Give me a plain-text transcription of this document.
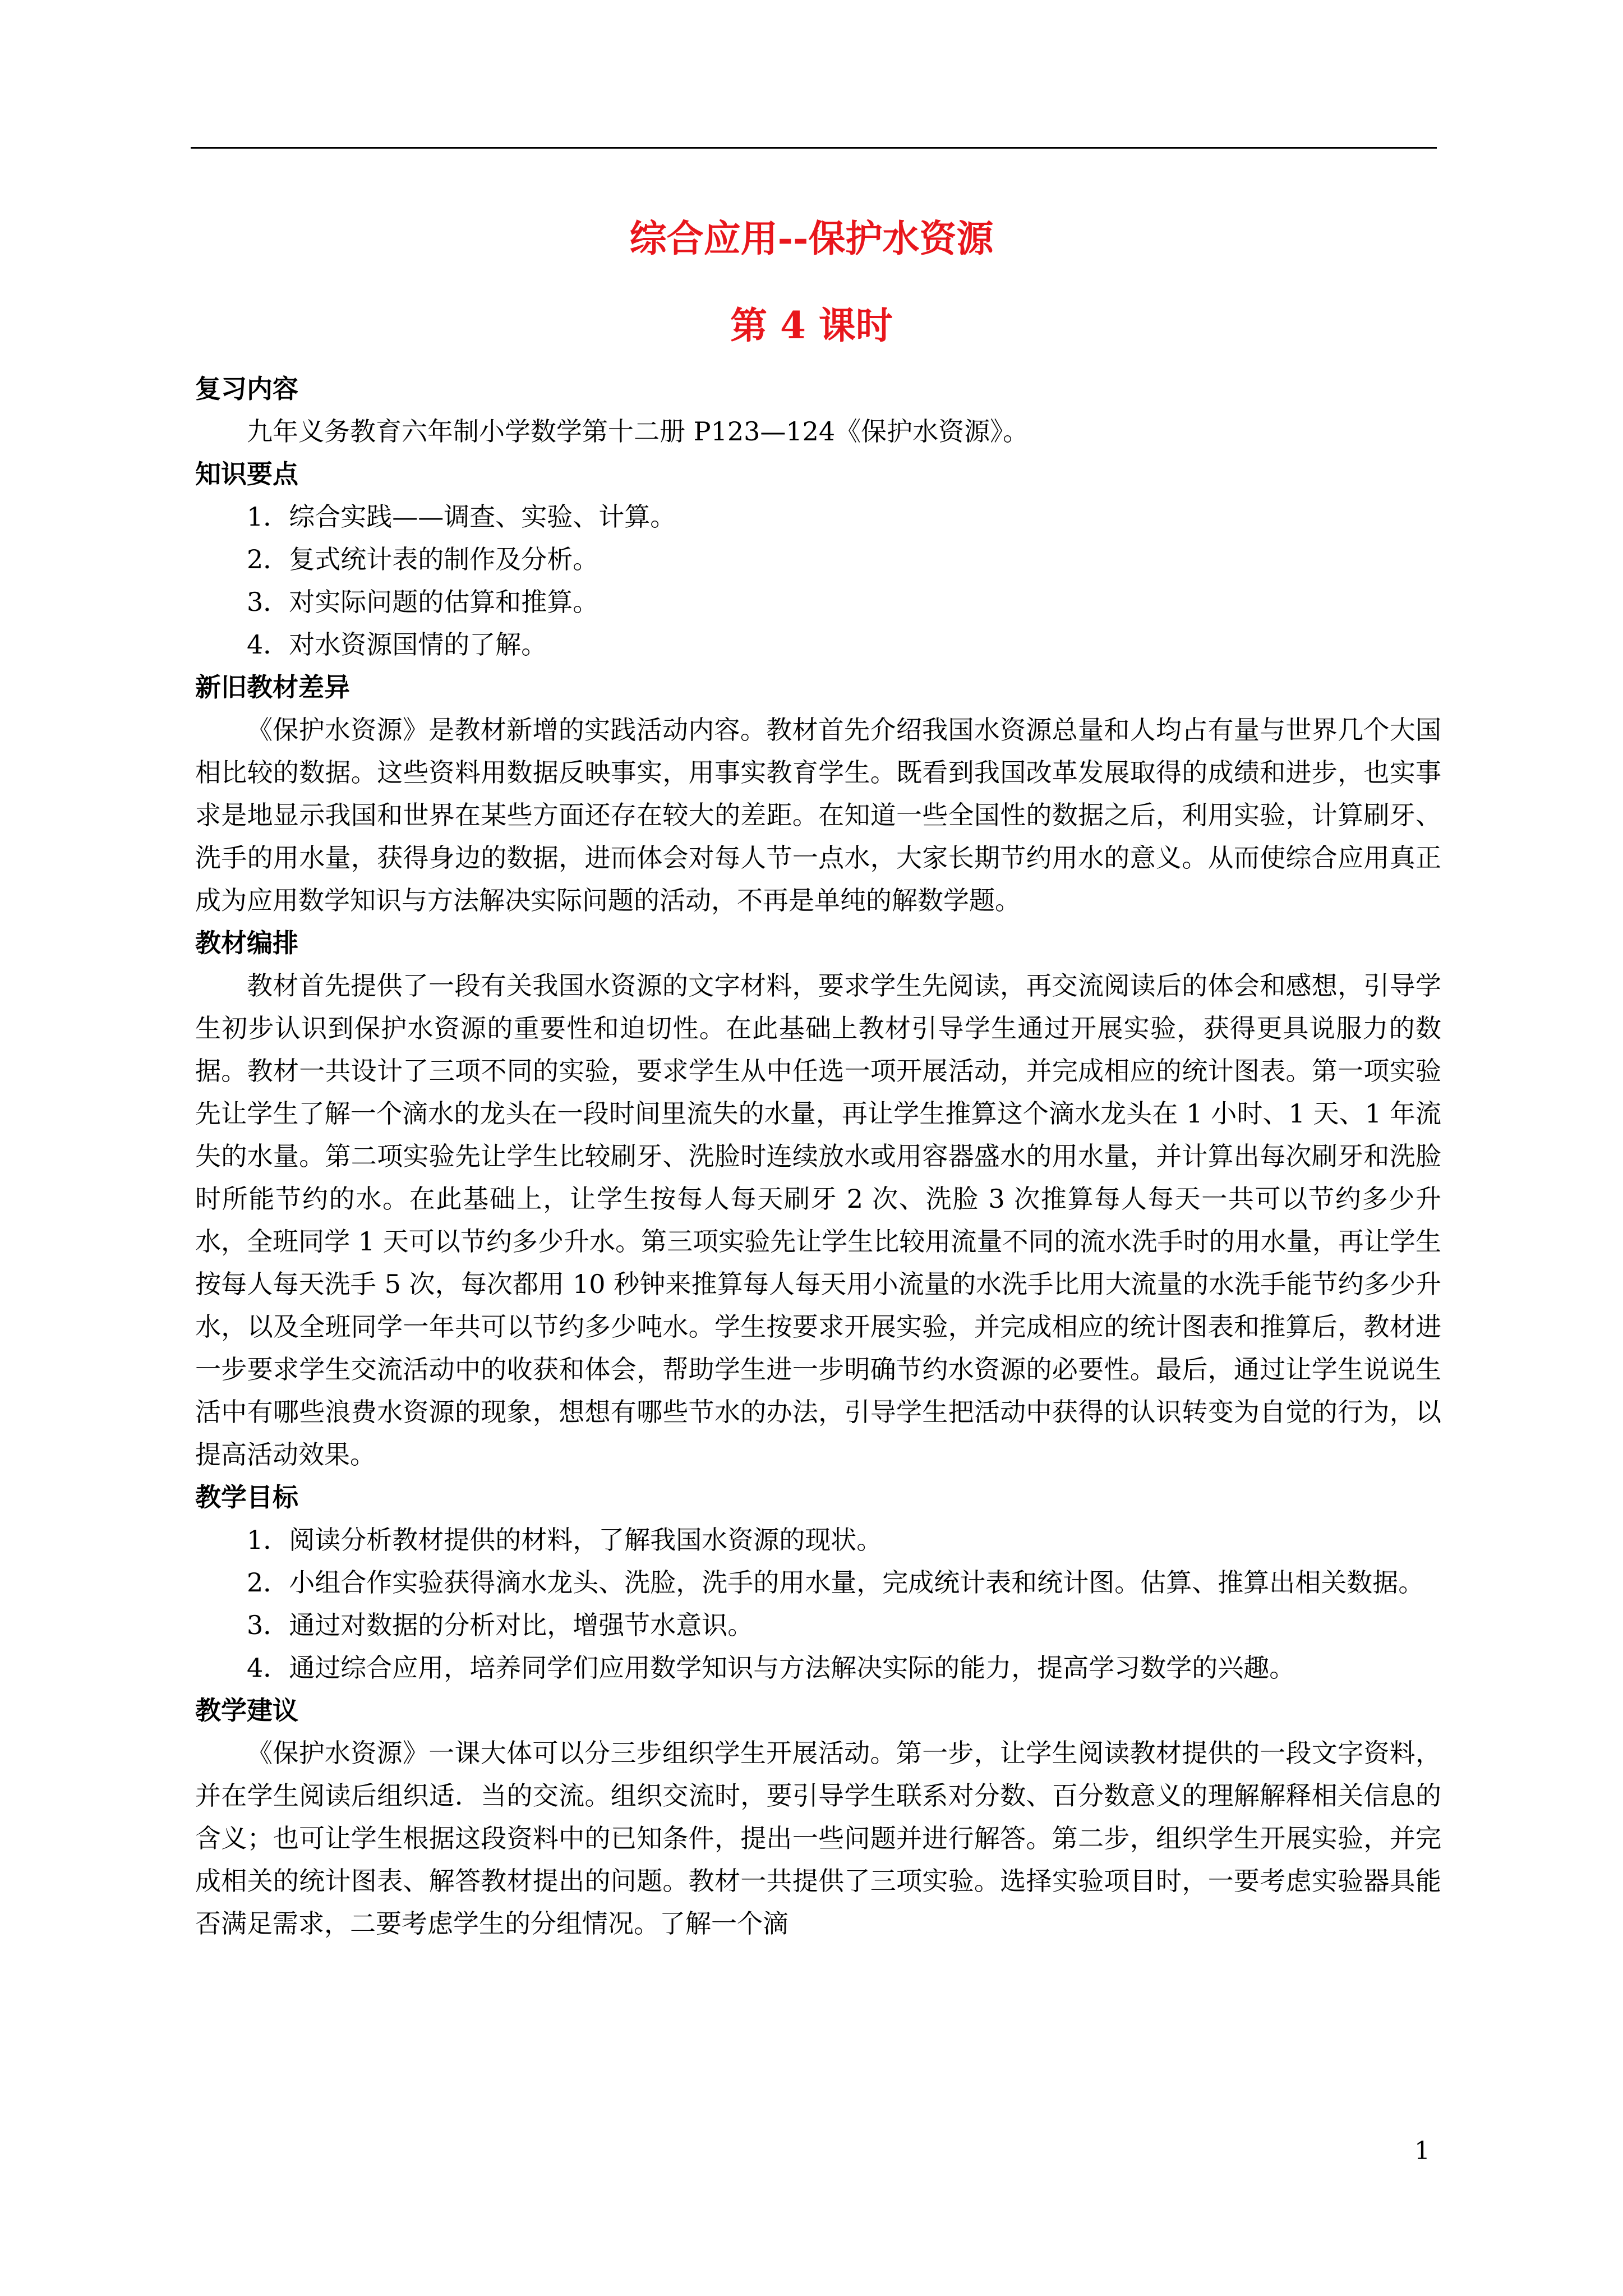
综合应用--保护水资源
第 4 课时

复习内容

九年义务教育六年制小学数学第十二册 P123—124《保护水资源》。

知识要点

1．综合实践——调查、实验、计算。

2．复式统计表的制作及分析。

3．对实际问题的估算和推算。

4．对水资源国情的了解。

新旧教材差异

《保护水资源》是教材新增的实践活动内容。教材首先介绍我国水资源总量和人均占有量与世界几个大国相比较的数据。这些资料用数据反映事实，用事实教育学生。既看到我国改革发展取得的成绩和进步，也实事求是地显示我国和世界在某些方面还存在较大的差距。在知道一些全国性的数据之后，利用实验，计算刷牙、洗手的用水量，获得身边的数据，进而体会对每人节一点水，大家长期节约用水的意义。从而使综合应用真正成为应用数学知识与方法解决实际问题的活动，不再是单纯的解数学题。

教材编排

教材首先提供了一段有关我国水资源的文字材料，要求学生先阅读，再交流阅读后的体会和感想，引导学生初步认识到保护水资源的重要性和迫切性。在此基础上教材引导学生通过开展实验，获得更具说服力的数据。教材一共设计了三项不同的实验，要求学生从中任选一项开展活动，并完成相应的统计图表。第一项实验先让学生了解一个滴水的龙头在一段时间里流失的水量，再让学生推算这个滴水龙头在 1 小时、1 天、1 年流失的水量。第二项实验先让学生比较刷牙、洗脸时连续放水或用容器盛水的用水量，并计算出每次刷牙和洗脸时所能节约的水。在此基础上，让学生按每人每天刷牙 2 次、洗脸 3 次推算每人每天一共可以节约多少升水，全班同学 1 天可以节约多少升水。第三项实验先让学生比较用流量不同的流水洗手时的用水量，再让学生按每人每天洗手 5 次，每次都用 10 秒钟来推算每人每天用小流量的水洗手比用大流量的水洗手能节约多少升水，以及全班同学一年共可以节约多少吨水。学生按要求开展实验，并完成相应的统计图表和推算后，教材进一步要求学生交流活动中的收获和体会，帮助学生进一步明确节约水资源的必要性。最后，通过让学生说说生活中有哪些浪费水资源的现象，想想有哪些节水的办法，引导学生把活动中获得的认识转变为自觉的行为，以提高活动效果。

教学目标

1．阅读分析教材提供的材料，了解我国水资源的现状。

2．小组合作实验获得滴水龙头、洗脸，洗手的用水量，完成统计表和统计图。估算、推算出相关数据。

3．通过对数据的分析对比，增强节水意识。

4．通过综合应用，培养同学们应用数学知识与方法解决实际的能力，提高学习数学的兴趣。

教学建议

《保护水资源》一课大体可以分三步组织学生开展活动。第一步，让学生阅读教材提供的一段文字资料，并在学生阅读后组织适．当的交流。组织交流时，要引导学生联系对分数、百分数意义的理解解释相关信息的含义；也可让学生根据这段资料中的已知条件，提出一些问题并进行解答。第二步，组织学生开展实验，并完成相关的统计图表、解答教材提出的问题。教材一共提供了三项实验。选择实验项目时，一要考虑实验器具能否满足需求，二要考虑学生的分组情况。了解一个滴

1
